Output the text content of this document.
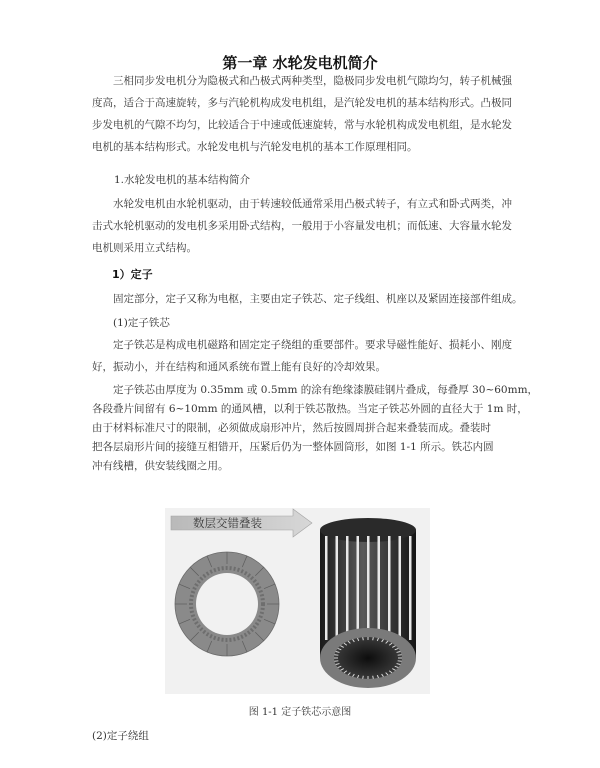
第一章 水轮发电机简介
三相同步发电机分为隐极式和凸极式两种类型，隐极同步发电机气隙均匀，转子机械强度高，适合于高速旋转，多与汽轮机构成发电机组，是汽轮发电机的基本结构形式。凸极同步发电机的气隙不均匀，比较适合于中速或低速旋转，常与水轮机构成发电机组，是水轮发电机的基本结构形式。水轮发电机与汽轮发电机的基本工作原理相同。
1.水轮发电机的基本结构简介
水轮发电机由水轮机驱动，由于转速较低通常采用凸极式转子，有立式和卧式两类，冲击式水轮机驱动的发电机多采用卧式结构，一般用于小容量发电机；而低速、大容量水轮发电机则采用立式结构。
1）定子
固定部分，定子又称为电枢，主要由定子铁芯、定子线组、机座以及紧固连接部件组成。
(1)定子铁芯
定子铁芯是构成电机磁路和固定定子绕组的重要部件。要求导磁性能好、损耗小、刚度好，振动小，并在结构和通风系统布置上能有良好的冷却效果。
定子铁芯由厚度为 0.35mm 或 0.5mm 的涂有绝缘漆膜硅钢片叠成，每叠厚 30~60mm，
各段叠片间留有 6~10mm 的通风槽，以利于铁芯散热。当定子铁芯外圆的直径大于 1m 时，
由于材料标准尺寸的限制，必须做成扇形冲片，然后按圆周拼合起来叠装而成。叠装时
把各层扇形片间的接缝互相错开，压紧后仍为一整体圆筒形，如图 1-1 所示。铁芯内圆
冲有线槽，供安装线圈之用。
数层交错叠装
图 1-1 定子铁芯示意图
(2)定子绕组
